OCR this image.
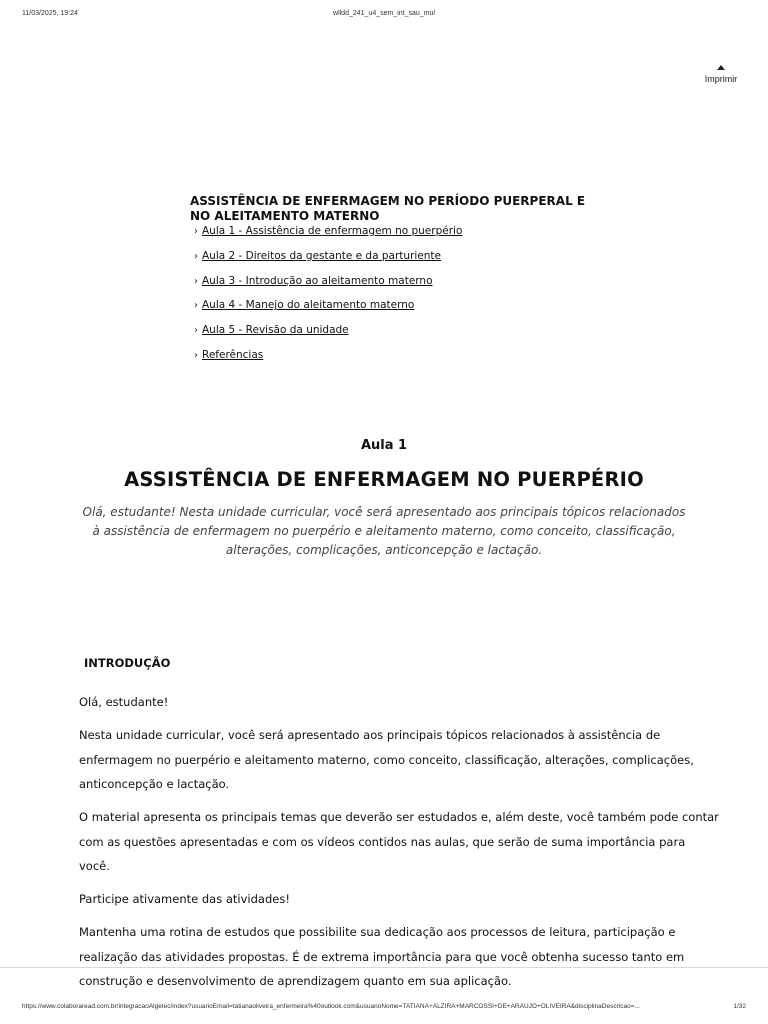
11/03/2025, 19:24	wlldd_241_u4_sem_int_sau_mul
Imprimir
ASSISTÊNCIA DE ENFERMAGEM NO PERÍODO PUERPERAL E
NO ALEITAMENTO MATERNO
› Aula 1 - Assistência de enfermagem no puerpério
› Aula 2 - Direitos da gestante e da parturiente
› Aula 3 - Introdução ao aleitamento materno
› Aula 4 - Manejo do aleitamento materno
› Aula 5 - Revisão da unidade
› Referências
Aula 1
ASSISTÊNCIA DE ENFERMAGEM NO PUERPÉRIO
Olá, estudante! Nesta unidade curricular, você será apresentado aos principais tópicos relacionados à assistência de enfermagem no puerpério e aleitamento materno, como conceito, classificação, alterações, complicações, anticoncepção e lactação.
INTRODUÇÃO

Olá, estudante!

Nesta unidade curricular, você será apresentado aos principais tópicos relacionados à assistência de enfermagem no puerpério e aleitamento materno, como conceito, classificação, alterações, complicações, anticoncepção e lactação.

O material apresenta os principais temas que deverão ser estudados e, além deste, você também pode contar com as questões apresentadas e com os vídeos contidos nas aulas, que serão de suma importância para você.

Participe ativamente das atividades!

Mantenha uma rotina de estudos que possibilite sua dedicação aos processos de leitura, participação e realização das atividades propostas. É de extrema importância para que você obtenha sucesso tanto em construção e desenvolvimento de aprendizagem quanto em sua aplicação.

https://www.colaboraread.com.br/integracaoAlgetec/index?usuarioEmail=tatianaoliveira_enfermeira%40outlook.com&usuarioNome=TATIANA+ALZIRA+MARCOSSI+DE+ARAUJO+OLIVEIRA&disciplinaDescricao=...	1/32
